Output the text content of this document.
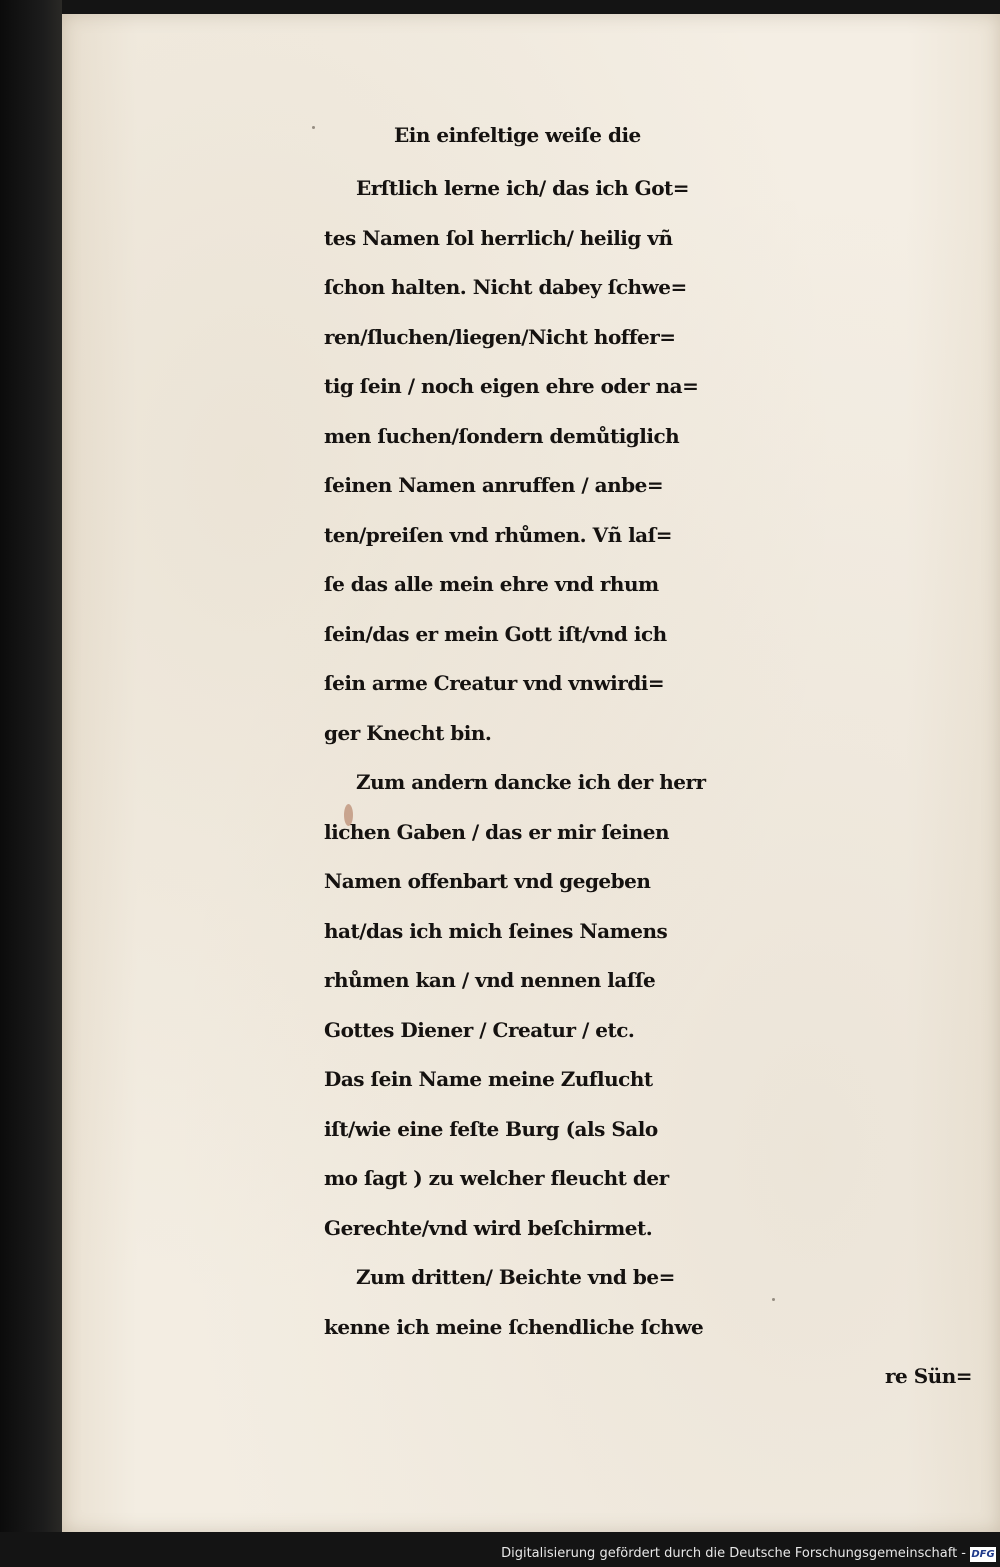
Ein einfeltige weiſe die
Erſtlich lerne ich/ das ich Got=
tes Namen ſol herrlich/ heilig vñ
ſchon halten. Nicht dabey ſchwe=
ren/ſluchen/liegen/Nicht hoffer=
tig ſein / noch eigen ehre oder na=
men ſuchen/ſondern demůtiglich
ſeinen Namen anruffen / anbe=
ten/preiſen vnd rhůmen. Vñ laſ=
ſe das alle mein ehre vnd rhum
ſein/das er mein Gott iſt/vnd ich
ſein arme Creatur vnd vnwirdi=
ger Knecht bin.
Zum andern dancke ich der herr
lichen Gaben / das er mir ſeinen
Namen offenbart vnd gegeben
hat/das ich mich ſeines Namens
rhůmen kan / vnd nennen laſſe
Gottes Diener / Creatur / etc.
Das ſein Name meine Zuflucht
iſt/wie eine feſte Burg (als Salo
mo ſagt ) zu welcher fleucht der
Gerechte/vnd wird beſchirmet.
Zum dritten/ Beichte vnd be=
kenne ich meine ſchendliche ſchwe
re Sün=
Digitalisierung gefördert durch die Deutsche Forschungsgemeinschaft - DFG
